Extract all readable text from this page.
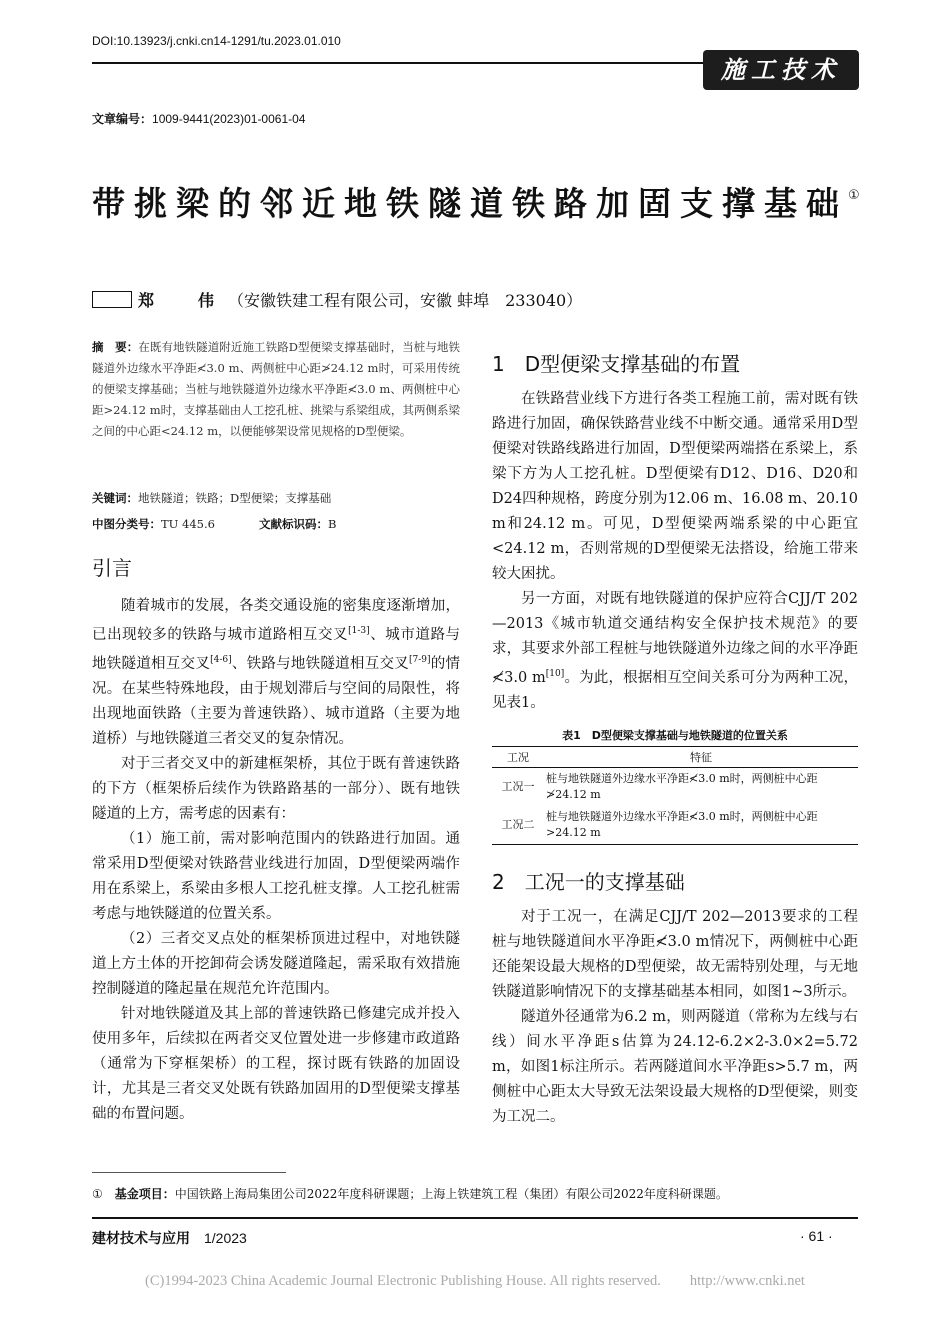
DOI:10.13923/j.cnki.cn14-1291/tu.2023.01.010
施工技术
文章编号：1009-9441(2023)01-0061-04
带挑梁的邻近地铁隧道铁路加固支撑基础①
郑　伟（安徽铁建工程有限公司，安徽 蚌埠　233040）
摘　要：在既有地铁隧道附近施工铁路D型便梁支撑基础时，当桩与地铁隧道外边缘水平净距≮3.0 m、两侧桩中心距≯24.12 m时，可采用传统的便梁支撑基础；当桩与地铁隧道外边缘水平净距≮3.0 m、两侧桩中心距>24.12 m时，支撑基础由人工挖孔桩、挑梁与系梁组成，其两侧系梁之间的中心距<24.12 m，以便能够架设常见规格的D型便梁。
关键词：地铁隧道；铁路；D型便梁；支撑基础
中图分类号：TU 445.6	文献标识码：B
引言

随着城市的发展，各类交通设施的密集度逐渐增加，已出现较多的铁路与城市道路相互交叉[1-3]、城市道路与地铁隧道相互交叉[4-6]、铁路与地铁隧道相互交叉[7-9]的情况。在某些特殊地段，由于规划滞后与空间的局限性，将出现地面铁路（主要为普速铁路）、城市道路（主要为地道桥）与地铁隧道三者交叉的复杂情况。

对于三者交叉中的新建框架桥，其位于既有普速铁路的下方（框架桥后续作为铁路路基的一部分）、既有地铁隧道的上方，需考虑的因素有：

（1）施工前，需对影响范围内的铁路进行加固。通常采用D型便梁对铁路营业线进行加固，D型便梁两端作用在系梁上，系梁由多根人工挖孔桩支撑。人工挖孔桩需考虑与地铁隧道的位置关系。

（2）三者交叉点处的框架桥顶进过程中，对地铁隧道上方土体的开挖卸荷会诱发隧道隆起，需采取有效措施控制隧道的隆起量在规范允许范围内。

针对地铁隧道及其上部的普速铁路已修建完成并投入使用多年，后续拟在两者交叉位置处进一步修建市政道路（通常为下穿框架桥）的工程，探讨既有铁路的加固设计，尤其是三者交叉处既有铁路加固用的D型便梁支撑基础的布置问题。

1　D型便梁支撑基础的布置

在铁路营业线下方进行各类工程施工前，需对既有铁路进行加固，确保铁路营业线不中断交通。通常采用D型便梁对铁路线路进行加固，D型便梁两端搭在系梁上，系梁下方为人工挖孔桩。D型便梁有D12、D16、D20和D24四种规格，跨度分别为12.06 m、16.08 m、20.10 m和24.12 m。可见，D型便梁两端系梁的中心距宜<24.12 m，否则常规的D型便梁无法搭设，给施工带来较大困扰。

另一方面，对既有地铁隧道的保护应符合CJJ/T 202—2013《城市轨道交通结构安全保护技术规范》的要求，其要求外部工程桩与地铁隧道外边缘之间的水平净距≮3.0 m[10]。为此，根据相互空间关系可分为两种工况，见表1。

表1　D型便梁支撑基础与地铁隧道的位置关系
工况	特征
工况一	桩与地铁隧道外边缘水平净距≮3.0 m时，两侧桩中心距≯24.12 m
工况二	桩与地铁隧道外边缘水平净距≮3.0 m时，两侧桩中心距>24.12 m
2　工况一的支撑基础

对于工况一，在满足CJJ/T 202—2013要求的工程桩与地铁隧道间水平净距≮3.0 m情况下，两侧桩中心距还能架设最大规格的D型便梁，故无需特别处理，与无地铁隧道影响情况下的支撑基础基本相同，如图1~3所示。

隧道外径通常为6.2 m，则两隧道（常称为左线与右线）间水平净距s估算为24.12-6.2×2-3.0×2=5.72 m，如图1标注所示。若两隧道间水平净距s>5.7 m，两侧桩中心距太大导致无法架设最大规格的D型便梁，则变为工况二。

①　 基金项目：中国铁路上海局集团公司2022年度科研课题；上海上铁建筑工程（集团）有限公司2022年度科研课题。
建材技术与应用　 1/2023	· 61 ·
(C)1994-2023 China Academic Journal Electronic Publishing House. All rights reserved.　　http://www.cnki.net
